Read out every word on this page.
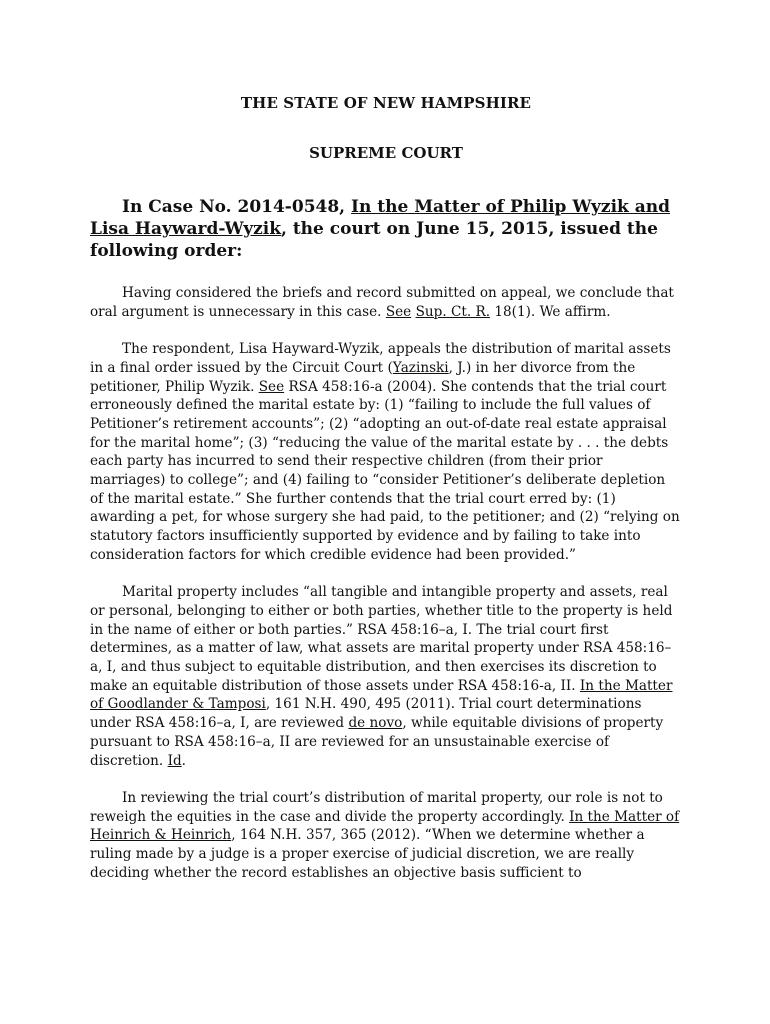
THE STATE OF NEW HAMPSHIRE
SUPREME COURT
In Case No. 2014-0548, In the Matter of Philip Wyzik and Lisa Hayward-Wyzik, the court on June 15, 2015, issued the following order:

Having considered the briefs and record submitted on appeal, we conclude that oral argument is unnecessary in this case. See Sup. Ct. R. 18(1). We affirm.

The respondent, Lisa Hayward-Wyzik, appeals the distribution of marital assets in a final order issued by the Circuit Court (Yazinski, J.) in her divorce from the petitioner, Philip Wyzik. See RSA 458:16-a (2004). She contends that the trial court erroneously defined the marital estate by: (1) “failing to include the full values of Petitioner’s retirement accounts”; (2) “adopting an out-of-date real estate appraisal for the marital home”; (3) “reducing the value of the marital estate by . . . the debts each party has incurred to send their respective children (from their prior marriages) to college”; and (4) failing to “consider Petitioner’s deliberate depletion of the marital estate.” She further contends that the trial court erred by: (1) awarding a pet, for whose surgery she had paid, to the petitioner; and (2) “relying on statutory factors insufficiently supported by evidence and by failing to take into consideration factors for which credible evidence had been provided.”

Marital property includes “all tangible and intangible property and assets, real or personal, belonging to either or both parties, whether title to the property is held in the name of either or both parties.” RSA 458:16–a, I. The trial court first determines, as a matter of law, what assets are marital property under RSA 458:16–a, I, and thus subject to equitable distribution, and then exercises its discretion to make an equitable distribution of those assets under RSA 458:16-a, II. In the Matter of Goodlander & Tamposi, 161 N.H. 490, 495 (2011). Trial court determinations under RSA 458:16–a, I, are reviewed de novo, while equitable divisions of property pursuant to RSA 458:16–a, II are reviewed for an unsustainable exercise of discretion. Id.

In reviewing the trial court’s distribution of marital property, our role is not to reweigh the equities in the case and divide the property accordingly. In the Matter of Heinrich & Heinrich, 164 N.H. 357, 365 (2012). “When we determine whether a ruling made by a judge is a proper exercise of judicial discretion, we are really deciding whether the record establishes an objective basis sufficient to
